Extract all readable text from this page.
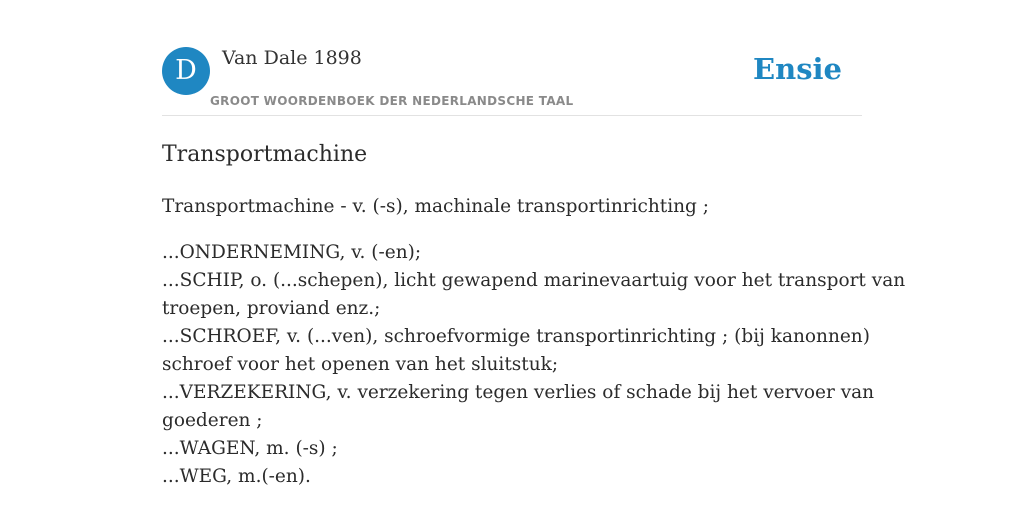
D	Van Dale 1898
GROOT WOORDENBOEK DER NEDERLANDSCHE TAAL
Ensie
Transportmachine

Transportmachine - v. (-s), machinale transportinrichting ;

...ONDERNEMING, v. (-en);
...SCHIP, o. (...schepen), licht gewapend marinevaartuig voor het transport van
troepen, proviand enz.;
...SCHROEF, v. (...ven), schroefvormige transportinrichting ; (bij kanonnen)
schroef voor het openen van het sluitstuk;
...VERZEKERING, v. verzekering tegen verlies of schade bij het vervoer van
goederen ;
...WAGEN, m. (-s) ;
...WEG, m.(-en).
